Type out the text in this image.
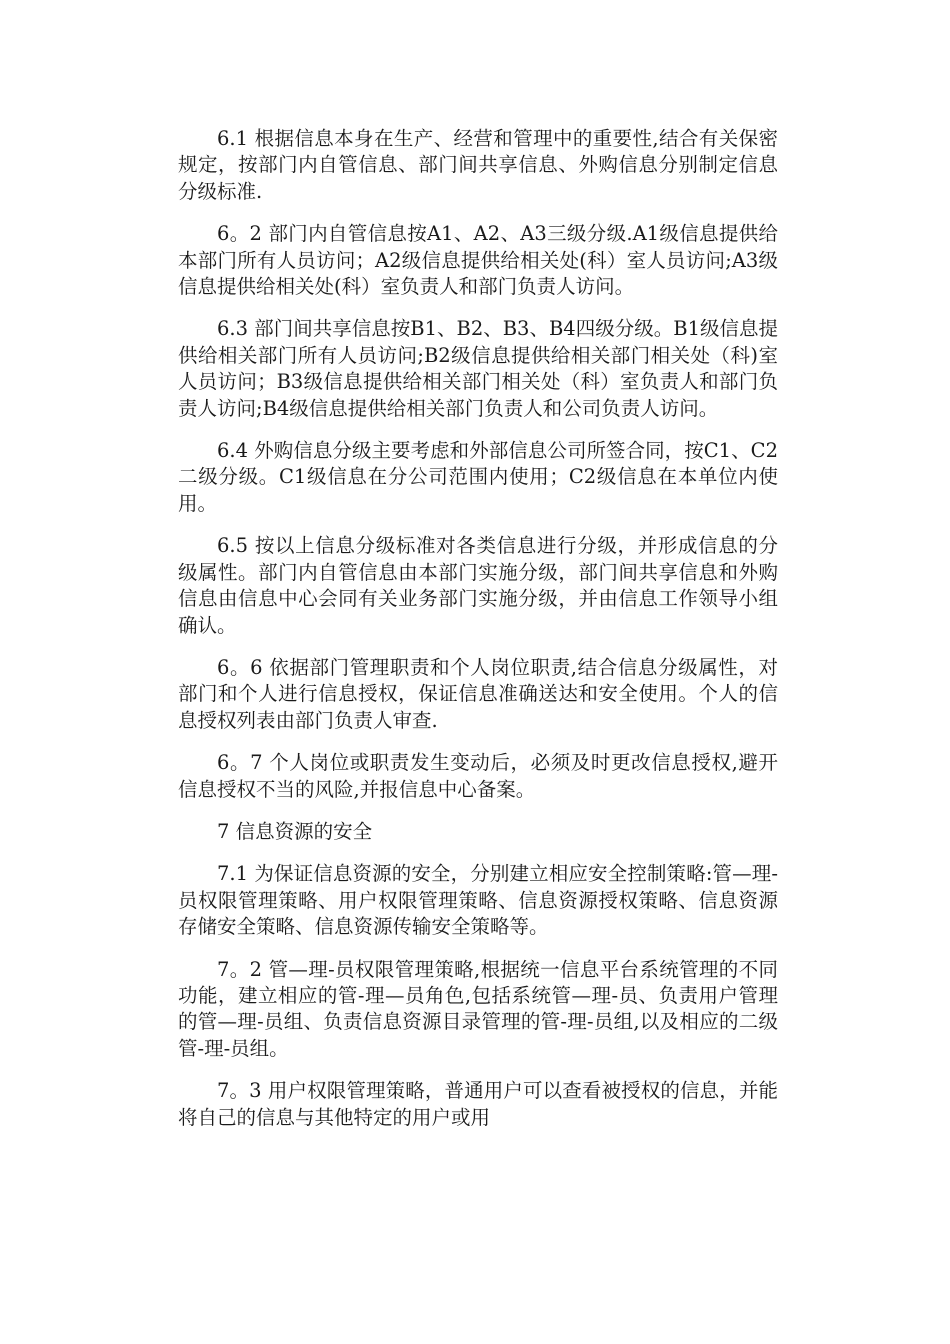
6.1 根据信息本身在生产、经营和管理中的重要性,结合有关保密规定，按部门内自管信息、部门间共享信息、外购信息分别制定信息分级标准.

6。2 部门内自管信息按A1、A2、A3三级分级.A1级信息提供给本部门所有人员访问；A2级信息提供给相关处(科）室人员访问;A3级信息提供给相关处(科）室负责人和部门负责人访问。

6.3 部门间共享信息按B1、B2、B3、B4四级分级。B1级信息提供给相关部门所有人员访问;B2级信息提供给相关部门相关处（科)室人员访问；B3级信息提供给相关部门相关处（科）室负责人和部门负责人访问;B4级信息提供给相关部门负责人和公司负责人访问。

6.4 外购信息分级主要考虑和外部信息公司所签合同，按C1、C2二级分级。C1级信息在分公司范围内使用；C2级信息在本单位内使用。

6.5 按以上信息分级标准对各类信息进行分级，并形成信息的分级属性。部门内自管信息由本部门实施分级，部门间共享信息和外购信息由信息中心会同有关业务部门实施分级，并由信息工作领导小组确认。

6。6 依据部门管理职责和个人岗位职责,结合信息分级属性，对部门和个人进行信息授权，保证信息准确送达和安全使用。个人的信息授权列表由部门负责人审查.

6。7 个人岗位或职责发生变动后，必须及时更改信息授权,避开信息授权不当的风险,并报信息中心备案。

7 信息资源的安全

7.1 为保证信息资源的安全，分别建立相应安全控制策略:管—理-员权限管理策略、用户权限管理策略、信息资源授权策略、信息资源存储安全策略、信息资源传输安全策略等。

7。2 管—理-员权限管理策略,根据统一信息平台系统管理的不同功能，建立相应的管-理—员角色,包括系统管—理-员、负责用户管理的管—理-员组、负责信息资源目录管理的管-理-员组,以及相应的二级管-理-员组。

7。3 用户权限管理策略，普通用户可以查看被授权的信息，并能将自己的信息与其他特定的用户或用
